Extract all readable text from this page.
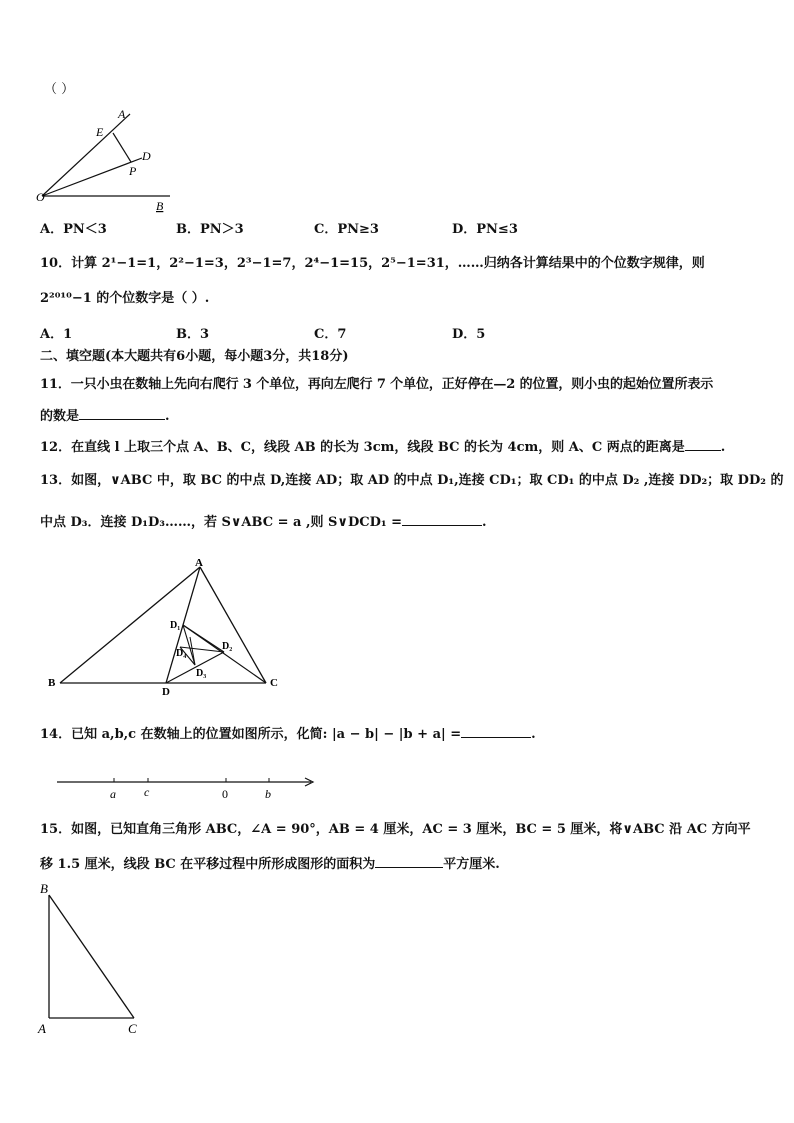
（ ）
A
E
D
P
O
B
A．PN＜3	B．PN＞3	C．PN≥3	D．PN≤3
10．计算 2¹−1=1，2²−1=3，2³−1=7，2⁴−1=15，2⁵−1=31，……归纳各计算结果中的个位数字规律，则
2²⁰¹⁰−1 的个位数字是（ ）.
A．1	B．3	C．7	D．5
二、填空题(本大题共有6小题，每小题3分，共18分)
11．一只小虫在数轴上先向右爬行 3 个单位，再向左爬行 7 个单位，正好停在—2 的位置，则小虫的起始位置所表示
的数是	.
12．在直线 l 上取三个点 A、B、C，线段 AB 的长为 3cm，线段 BC 的长为 4cm，则 A、C 两点的距离是	.
13．如图，∨ABC 中，取 BC 的中点 D,连接 AD；取 AD 的中点 D₁,连接 CD₁；取 CD₁ 的中点 D₂ ,连接 DD₂；取 DD₂ 的
中点 D₃．连接 D₁D₃……，若 S∨ABC = a ,则 S∨DCD₁ =	.
A
B	C
D
D₁
D₂
D₃
D₄
14．已知 a,b,c 在数轴上的位置如图所示，化简: |a − b| − |b + a| =	.
a c	0	b
15．如图，已知直角三角形 ABC，∠A = 90°，AB = 4 厘米，AC = 3 厘米，BC = 5 厘米，将∨ABC 沿 AC 方向平
移 1.5 厘米，线段 BC 在平移过程中所形成图形的面积为	平方厘米.
B
A	C
